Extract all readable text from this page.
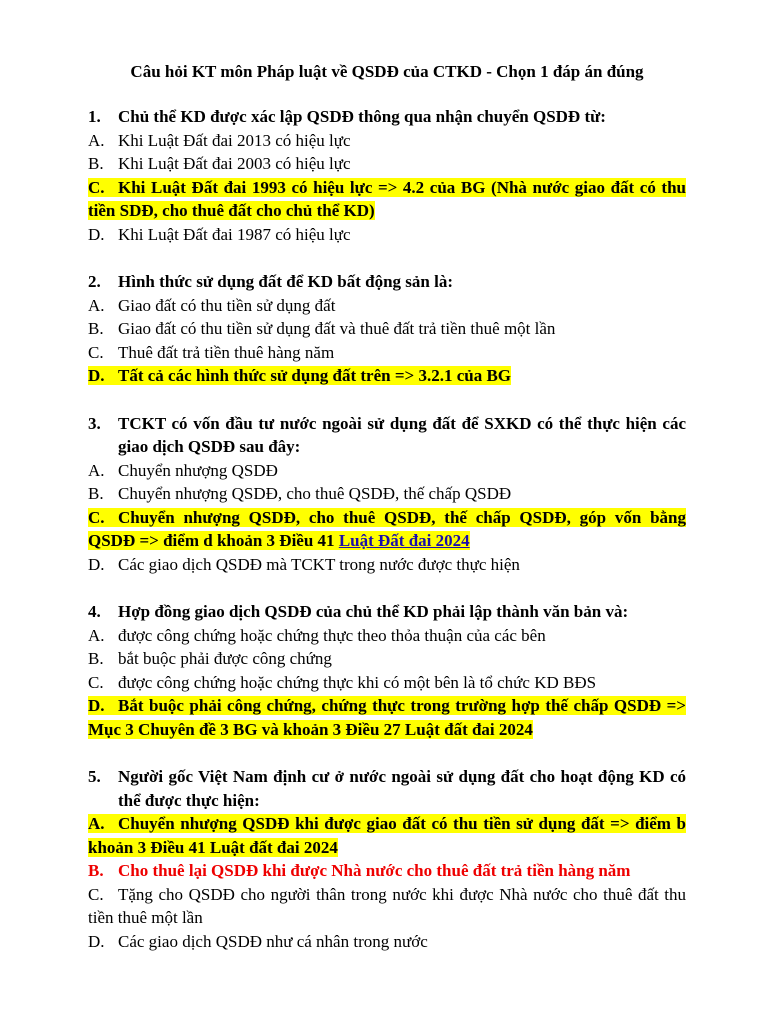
Câu hỏi KT môn Pháp luật về QSDĐ của CTKD - Chọn 1 đáp án đúng
1.	Chủ thể KD được xác lập QSDĐ thông qua nhận chuyển QSDĐ từ:
A. Khi Luật Đất đai 2013 có hiệu lực
B. Khi Luật Đất đai 2003 có hiệu lực
C. Khi Luật Đất đai 1993 có hiệu lực => 4.2 của BG (Nhà nước giao đất có thu tiền SDĐ, cho thuê đất cho chủ thể KD)
D. Khi Luật Đất đai 1987 có hiệu lực
2.	Hình thức sử dụng đất để KD bất động sản là:
A. Giao đất có thu tiền sử dụng đất
B. Giao đất có thu tiền sử dụng đất và thuê đất trả tiền thuê một lần
C. Thuê đất trả tiền thuê hàng năm
D. Tất cả các hình thức sử dụng đất trên => 3.2.1 của BG
3.	TCKT có vốn đầu tư nước ngoài sử dụng đất để SXKD có thể thực hiện các giao dịch QSDĐ sau đây:
A. Chuyển nhượng QSDĐ
B. Chuyển nhượng QSDĐ, cho thuê QSDĐ, thế chấp QSDĐ
C. Chuyển nhượng QSDĐ, cho thuê QSDĐ, thế chấp QSDĐ, góp vốn bằng QSDĐ => điểm d khoản 3 Điều 41 Luật Đất đai 2024
D. Các giao dịch QSDĐ mà TCKT trong nước được thực hiện
4.	Hợp đồng giao dịch QSDĐ của chủ thể KD phải lập thành văn bản và:
A. được công chứng hoặc chứng thực theo thỏa thuận của các bên
B. bắt buộc phải được công chứng
C. được công chứng hoặc chứng thực khi có một bên là tổ chức KD BĐS
D. Bắt buộc phải công chứng, chứng thực trong trường hợp thế chấp QSDĐ => Mục 3 Chuyên đề 3 BG và khoản 3 Điều 27 Luật đất đai 2024
5.	Người gốc Việt Nam định cư ở nước ngoài sử dụng đất cho hoạt động KD có thể được thực hiện:
A. Chuyển nhượng QSDĐ khi được giao đất có thu tiền sử dụng đất => điểm b khoản 3 Điều 41 Luật đất đai 2024
B. Cho thuê lại QSDĐ khi được Nhà nước cho thuê đất trả tiền hàng năm
C. Tặng cho QSDĐ cho người thân trong nước khi được Nhà nước cho thuê đất thu tiền thuê một lần
D. Các giao dịch QSDĐ như cá nhân trong nước
